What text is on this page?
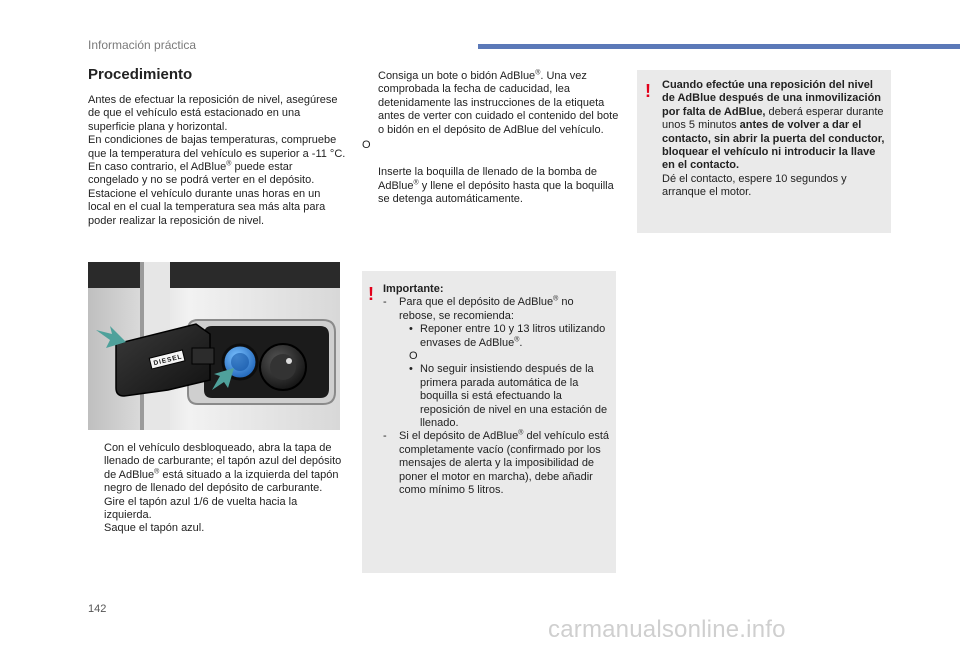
Información práctica
Procedimiento
Antes de efectuar la reposición de nivel, asegúrese de que el vehículo está estacionado en una superficie plana y horizontal.
En condiciones de bajas temperaturas, compruebe que la temperatura del vehículo es superior a -11 °C. En caso contrario, el AdBlue® puede estar congelado y no se podrá verter en el depósito. Estacione el vehículo durante unas horas en un local en el cual la temperatura sea más alta para poder realizar la reposición de nivel.
DIESEL
Con el vehículo desbloqueado, abra la tapa de llenado de carburante; el tapón azul del depósito de AdBlue® está situado a la izquierda del tapón negro de llenado del depósito de carburante.
Gire el tapón azul 1/6 de vuelta hacia la izquierda.
Saque el tapón azul.
Consiga un bote o bidón AdBlue®. Una vez comprobada la fecha de caducidad, lea detenidamente las instrucciones de la etiqueta antes de verter con cuidado el contenido del bote o bidón en el depósito de AdBlue del vehículo.
O
Inserte la boquilla de llenado de la bomba de AdBlue® y llene el depósito hasta que la boquilla se detenga automáticamente.
! Importante:
- Para que el depósito de AdBlue® no rebose, se recomienda:
• Reponer entre 10 y 13 litros utilizando envases de AdBlue®.
O
• No seguir insistiendo después de la primera parada automática de la boquilla si está efectuando la reposición de nivel en una estación de llenado.
- Si el depósito de AdBlue® del vehículo está completamente vacío (confirmado por los mensajes de alerta y la imposibilidad de poner el motor en marcha), debe añadir como mínimo 5 litros.
! Cuando efectúe una reposición del nivel de AdBlue después de una inmovilización por falta de AdBlue, deberá esperar durante unos 5 minutos antes de volver a dar el contacto, sin abrir la puerta del conductor, bloquear el vehículo ni introducir la llave en el contacto.
Dé el contacto, espere 10 segundos y arranque el motor.
142
carmanualsonline.info
